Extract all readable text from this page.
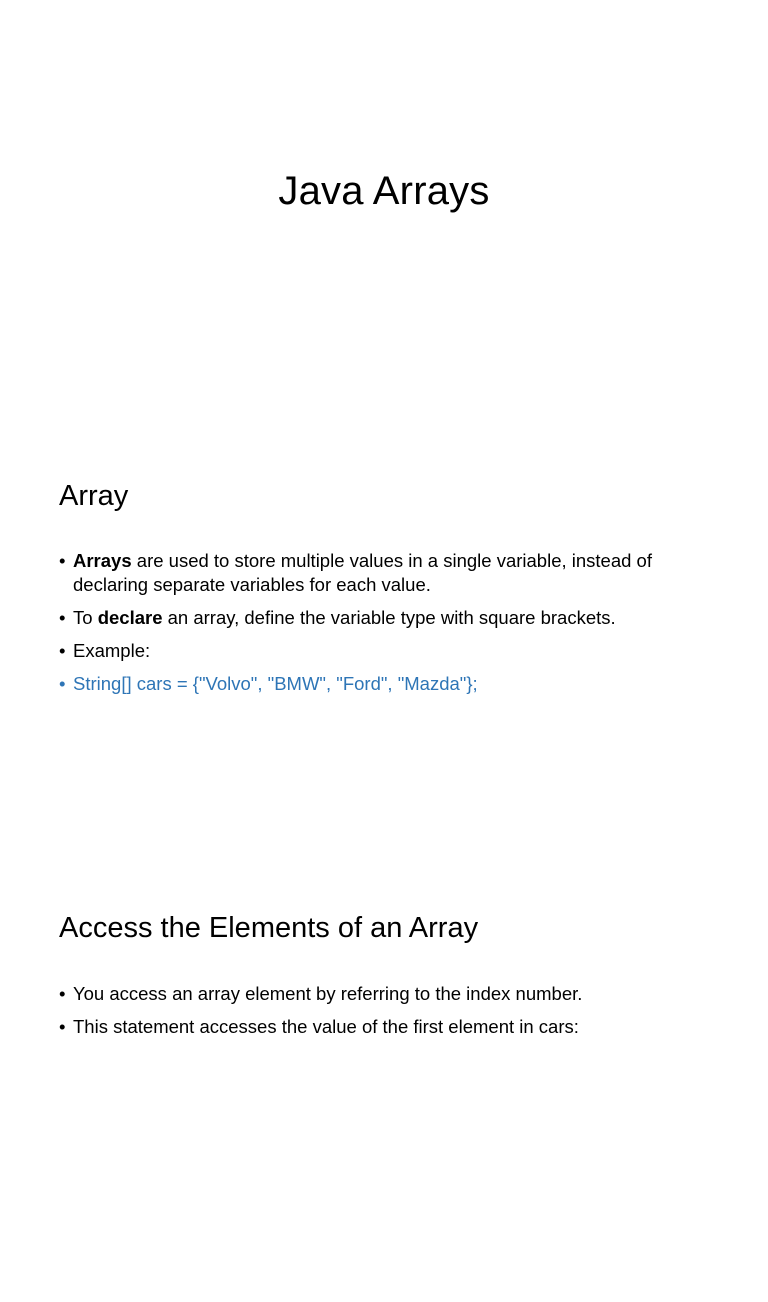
Java Arrays
Array
• Arrays are used to store multiple values in a single variable, instead of declaring separate variables for each value.
• To declare an array, define the variable type with square brackets.
• Example:
• String[] cars = {"Volvo", "BMW", "Ford", "Mazda"};
Access the Elements of an Array
• You access an array element by referring to the index number.
• This statement accesses the value of the first element in cars:
